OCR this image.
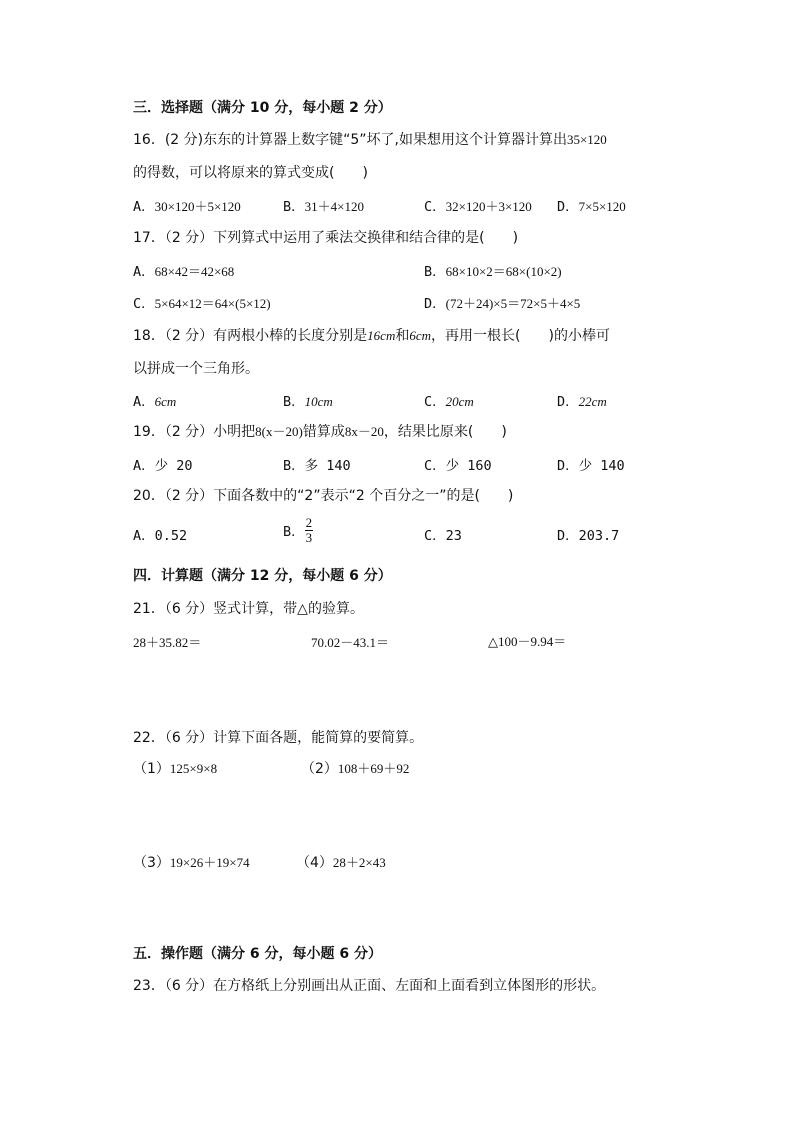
三．选择题（满分 10 分，每小题 2 分）
16．(2 分)东东的计算器上数字键“5”坏了,如果想用这个计算器计算出35×120
的得数，可以将原来的算式变成(　　)
A．30×120＋5×120	B．31＋4×120	C．32×120＋3×120 D．7×5×120
17．（2 分）下列算式中运用了乘法交换律和结合律的是(　　)
A．68×42＝42×68	B．68×10×2＝68×(10×2)
C．5×64×12＝64×(5×12)	D．(72＋24)×5＝72×5＋4×5
18．（2 分）有两根小棒的长度分别是16cm和6cm，再用一根长(　　)的小棒可
以拼成一个三角形。
A．6cm	B．10cm	C．20cm	D．22cm
19．（2 分）小明把8(x－20)错算成8x－20，结果比原来(　　)
A．少 20	B．多 140	C．少 160	D．少 140
20．（2 分）下面各数中的“2”表示“2 个百分之一”的是(　　)
A．0.52	B． $\frac{2}{3}$	C．23	D．203.7
四．计算题（满分 12 分，每小题 6 分）
21．（6 分）竖式计算，带△的验算。
28＋35.82＝	70.02－43.1＝	△100－9.94＝
22．（6 分）计算下面各题，能简算的要简算。
（1）125×9×8	（2）108＋69＋92
（3）19×26＋19×74	（4）28＋2×43
五．操作题（满分 6 分，每小题 6 分）
23．（6 分）在方格纸上分别画出从正面、左面和上面看到立体图形的形状。
